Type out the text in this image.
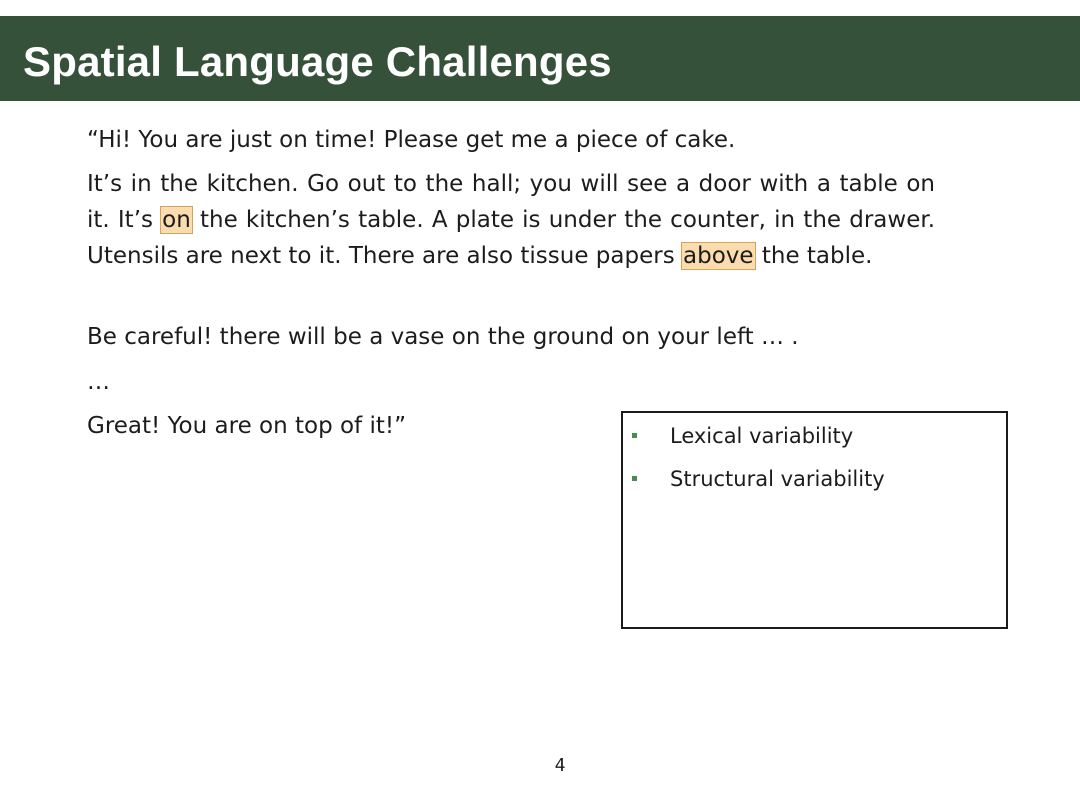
Spatial Language Challenges
“Hi! You are just on time! Please get me a piece of cake.
It’s in the kitchen. Go out to the hall; you will see a door with a table on it. It’s on the kitchen’s table. A plate is under the counter, in the drawer. Utensils are next to it. There are also tissue papers above the table.
Be careful! there will be a vase on the ground on your left … .
…
Great! You are on top of it!”	Lexical variability
Structural variability
4
